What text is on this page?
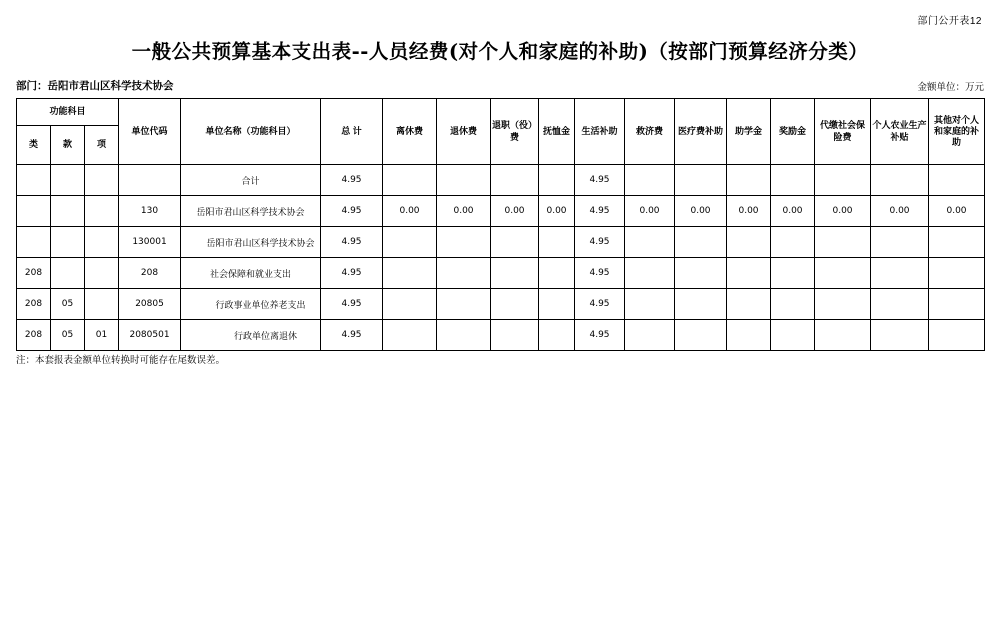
部门公开表12
一般公共预算基本支出表--人员经费(对个人和家庭的补助)（按部门预算经济分类）
部门：岳阳市君山区科学技术协会	金额单位：万元
功能科目			单位代码	单位名称（功能科目）	总 计	离休费	退休费	退职（役）费	抚恤金	生活补助	救济费	医疗费补助	助学金	奖励金	代缴社会保险费	个人农业生产补贴	其他对个人和家庭的补助
类	款	项															
				合计	4.95					4.95							
			130	岳阳市君山区科学技术协会	4.95	0.00	0.00	0.00	0.00	4.95	0.00	0.00	0.00	0.00	0.00	0.00	0.00
			130001	岳阳市君山区科学技术协会	4.95					4.95							
208			208	社会保障和就业支出	4.95					4.95							
208	05		20805	行政事业单位养老支出	4.95					4.95							
208	05	01	2080501	行政单位离退休	4.95					4.95							
注：本套报表金额单位转换时可能存在尾数误差。
